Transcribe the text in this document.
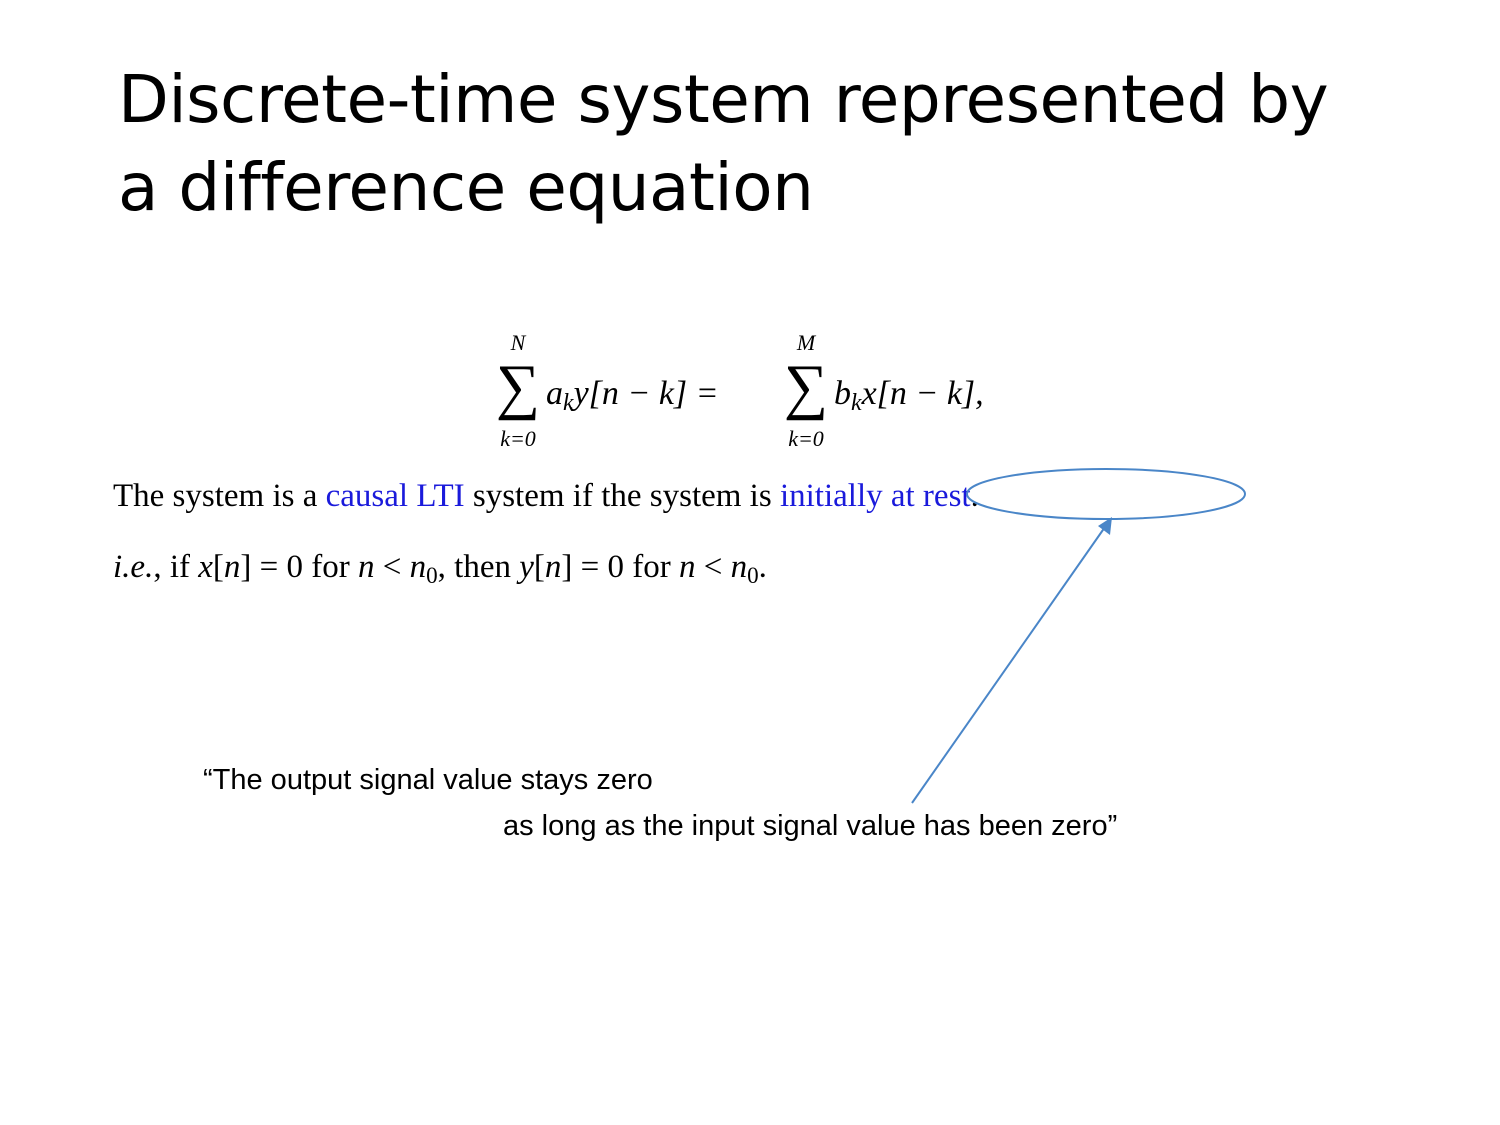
Discrete-time system represented by
a difference equation
N
∑
k=0
$a_ky[n - k]$ =
M
∑
k=0
$b_kx[n - k]$,
The system is a causal LTI system if the system is initially at rest.
i.e., if x[n] = 0 for $n < n_0$, then y[n] = 0 for $n < n_0$.
“The output signal value stays zero
as long as the input signal value has been zero”
